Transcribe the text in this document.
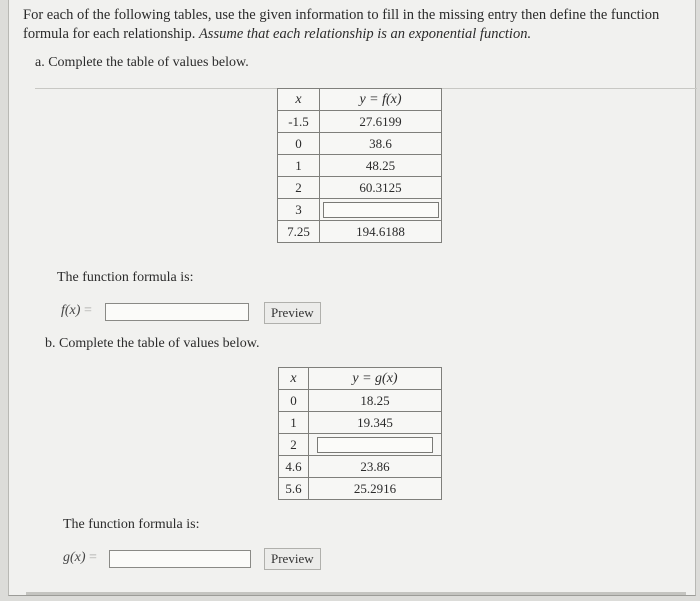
For each of the following tables, use the given information to fill in the missing entry then define the function formula for each relationship. Assume that each relationship is an exponential function.
a. Complete the table of values below.
x	y = f(x)
-1.5	27.6199
0	38.6
1	48.25
2	60.3125
3	
7.25	194.6188
The function formula is:
f(x) =	Preview
b. Complete the table of values below.
x	y = g(x)
0	18.25
1	19.345
2	
4.6	23.86
5.6	25.2916
The function formula is:
g(x) =	Preview
